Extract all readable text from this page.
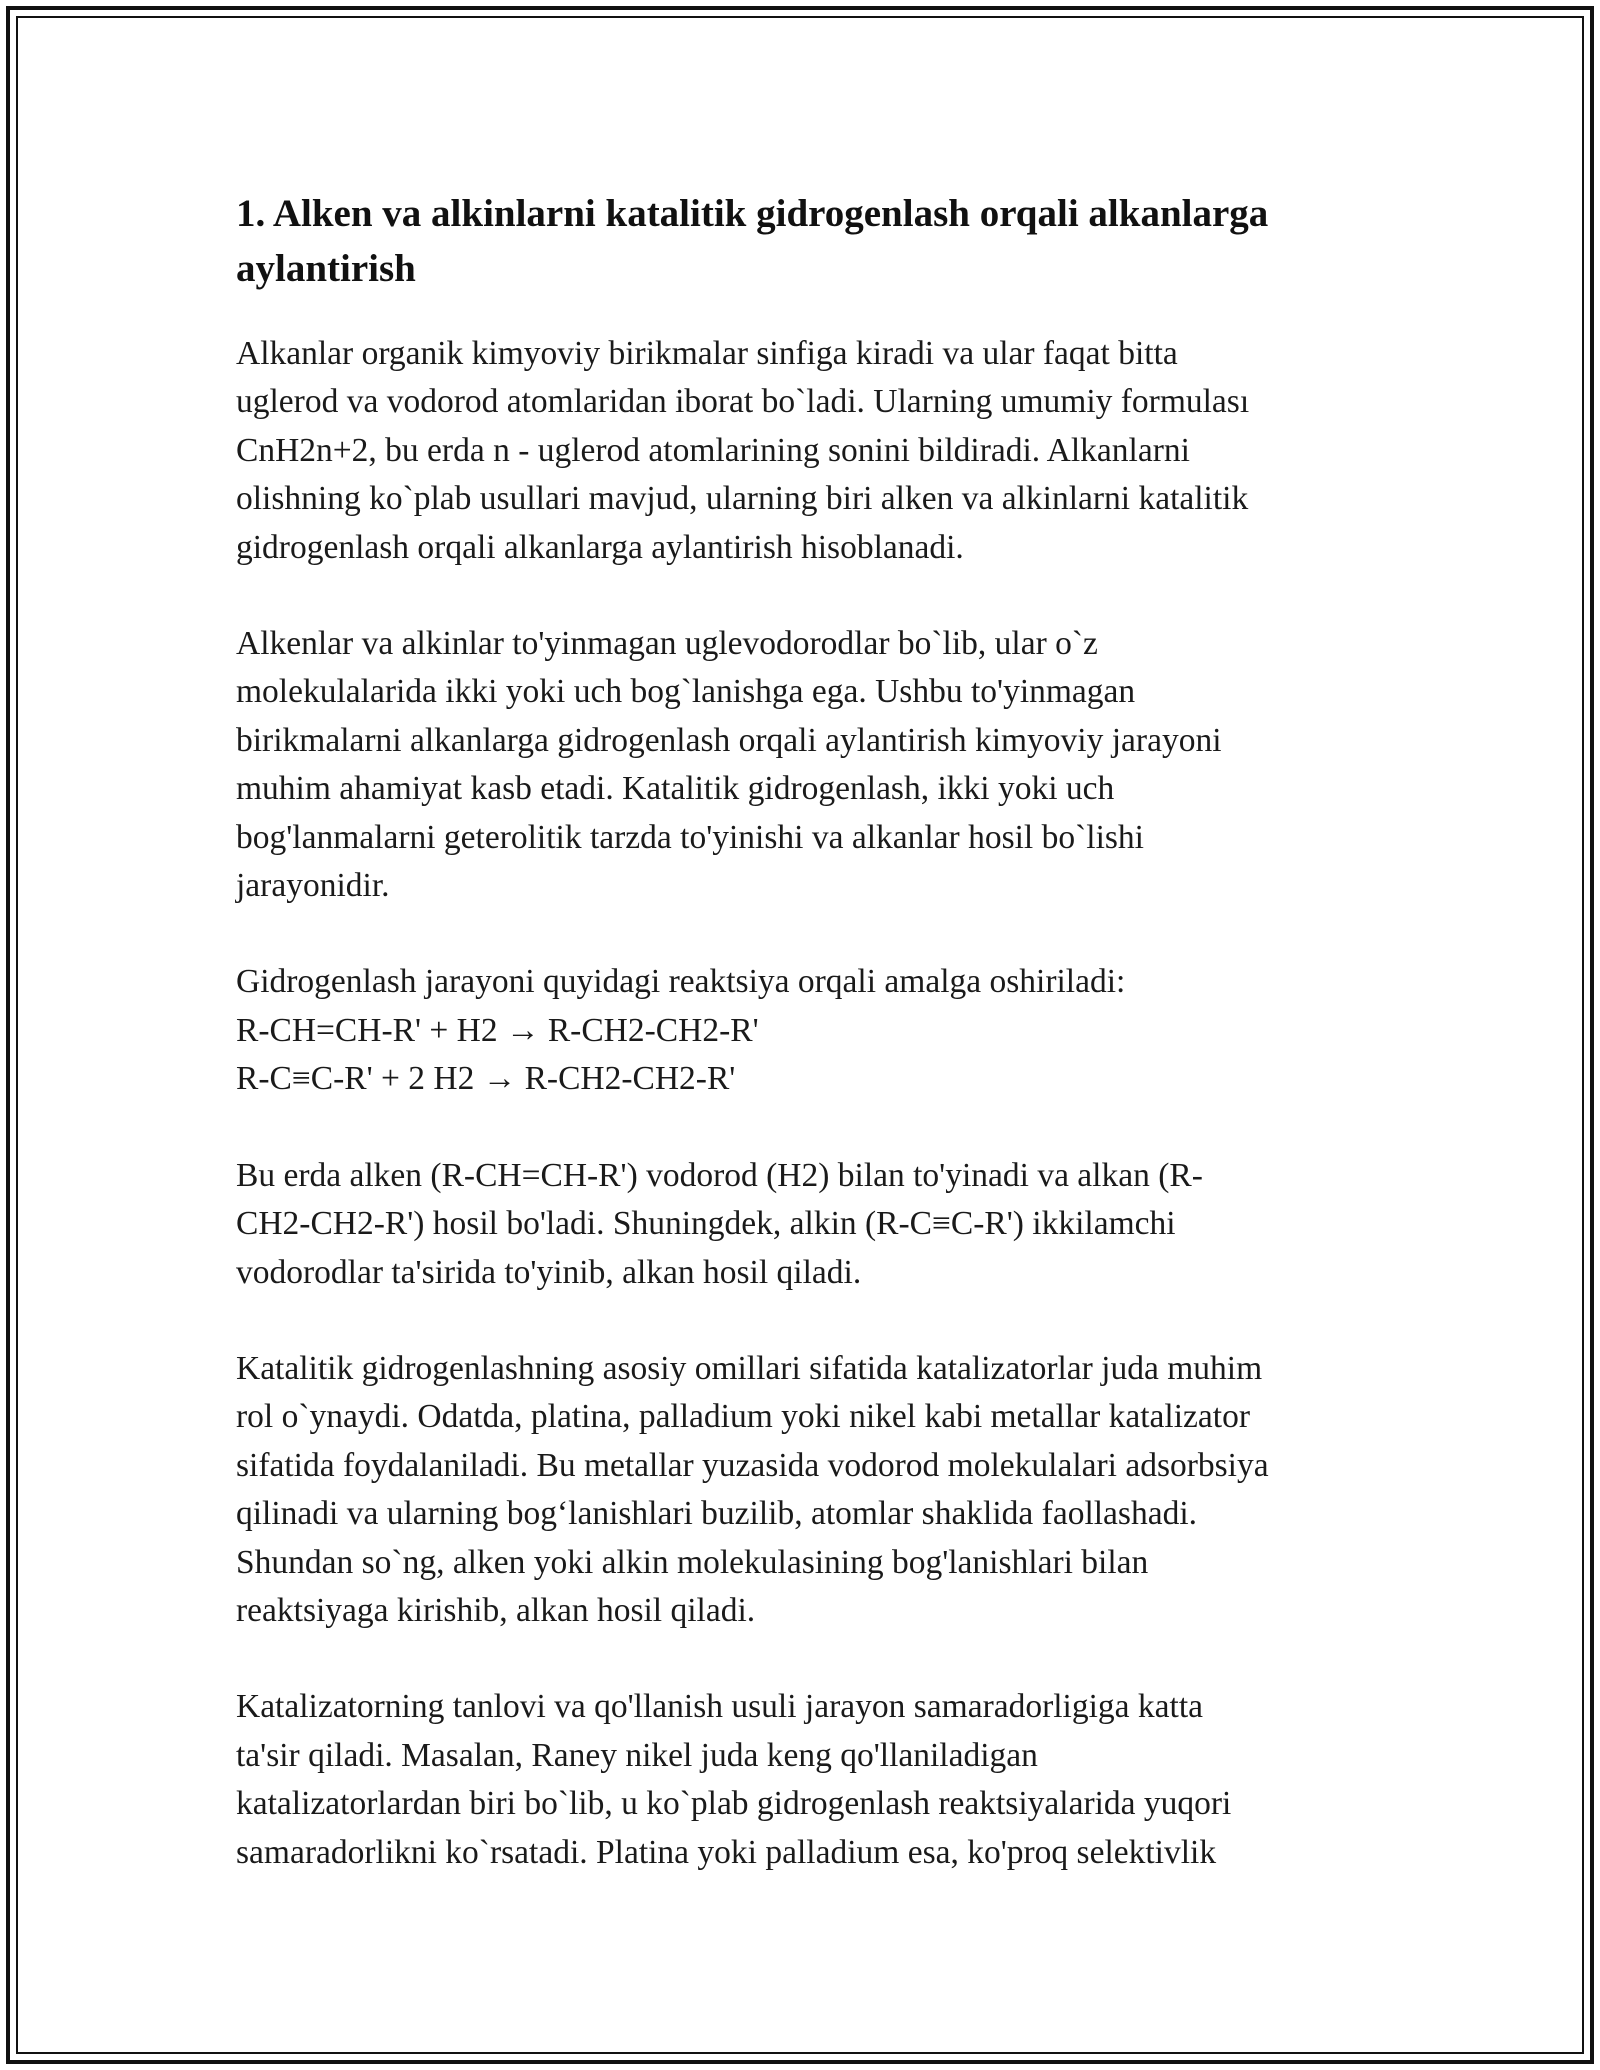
1. Alken va alkinlarni katalitik gidrogenlash orqali alkanlarga
aylantirish

Alkanlar organik kimyoviy birikmalar sinfiga kiradi va ular faqat bitta
uglerod va vodorod atomlaridan iborat bo`ladi. Ularning umumiy formulası
CnH2n+2, bu erda n - uglerod atomlarining sonini bildiradi. Alkanlarni
olishning ko`plab usullari mavjud, ularning biri alken va alkinlarni katalitik
gidrogenlash orqali alkanlarga aylantirish hisoblanadi.

Alkenlar va alkinlar to'yinmagan uglevodorodlar bo`lib, ular o`z
molekulalarida ikki yoki uch bog`lanishga ega. Ushbu to'yinmagan
birikmalarni alkanlarga gidrogenlash orqali aylantirish kimyoviy jarayoni
muhim ahamiyat kasb etadi. Katalitik gidrogenlash, ikki yoki uch
bog'lanmalarni geterolitik tarzda to'yinishi va alkanlar hosil bo`lishi
jarayonidir.

Gidrogenlash jarayoni quyidagi reaktsiya orqali amalga oshiriladi:
R-CH=CH-R' + H2 → R-CH2-CH2-R'
R-C≡C-R' + 2 H2 → R-CH2-CH2-R'

Bu erda alken (R-CH=CH-R') vodorod (H2) bilan to'yinadi va alkan (R-
CH2-CH2-R') hosil bo'ladi. Shuningdek, alkin (R-C≡C-R') ikkilamchi
vodorodlar ta'sirida to'yinib, alkan hosil qiladi.

Katalitik gidrogenlashning asosiy omillari sifatida katalizatorlar juda muhim
rol o`ynaydi. Odatda, platina, palladium yoki nikel kabi metallar katalizator
sifatida foydalaniladi. Bu metallar yuzasida vodorod molekulalari adsorbsiya
qilinadi va ularning bog‘lanishlari buzilib, atomlar shaklida faollashadi.
Shundan so`ng, alken yoki alkin molekulasining bog'lanishlari bilan
reaktsiyaga kirishib, alkan hosil qiladi.

Katalizatorning tanlovi va qo'llanish usuli jarayon samaradorligiga katta
ta'sir qiladi. Masalan, Raney nikel juda keng qo'llaniladigan
katalizatorlardan biri bo`lib, u ko`plab gidrogenlash reaktsiyalarida yuqori
samaradorlikni ko`rsatadi. Platina yoki palladium esa, ko'proq selektivlik
